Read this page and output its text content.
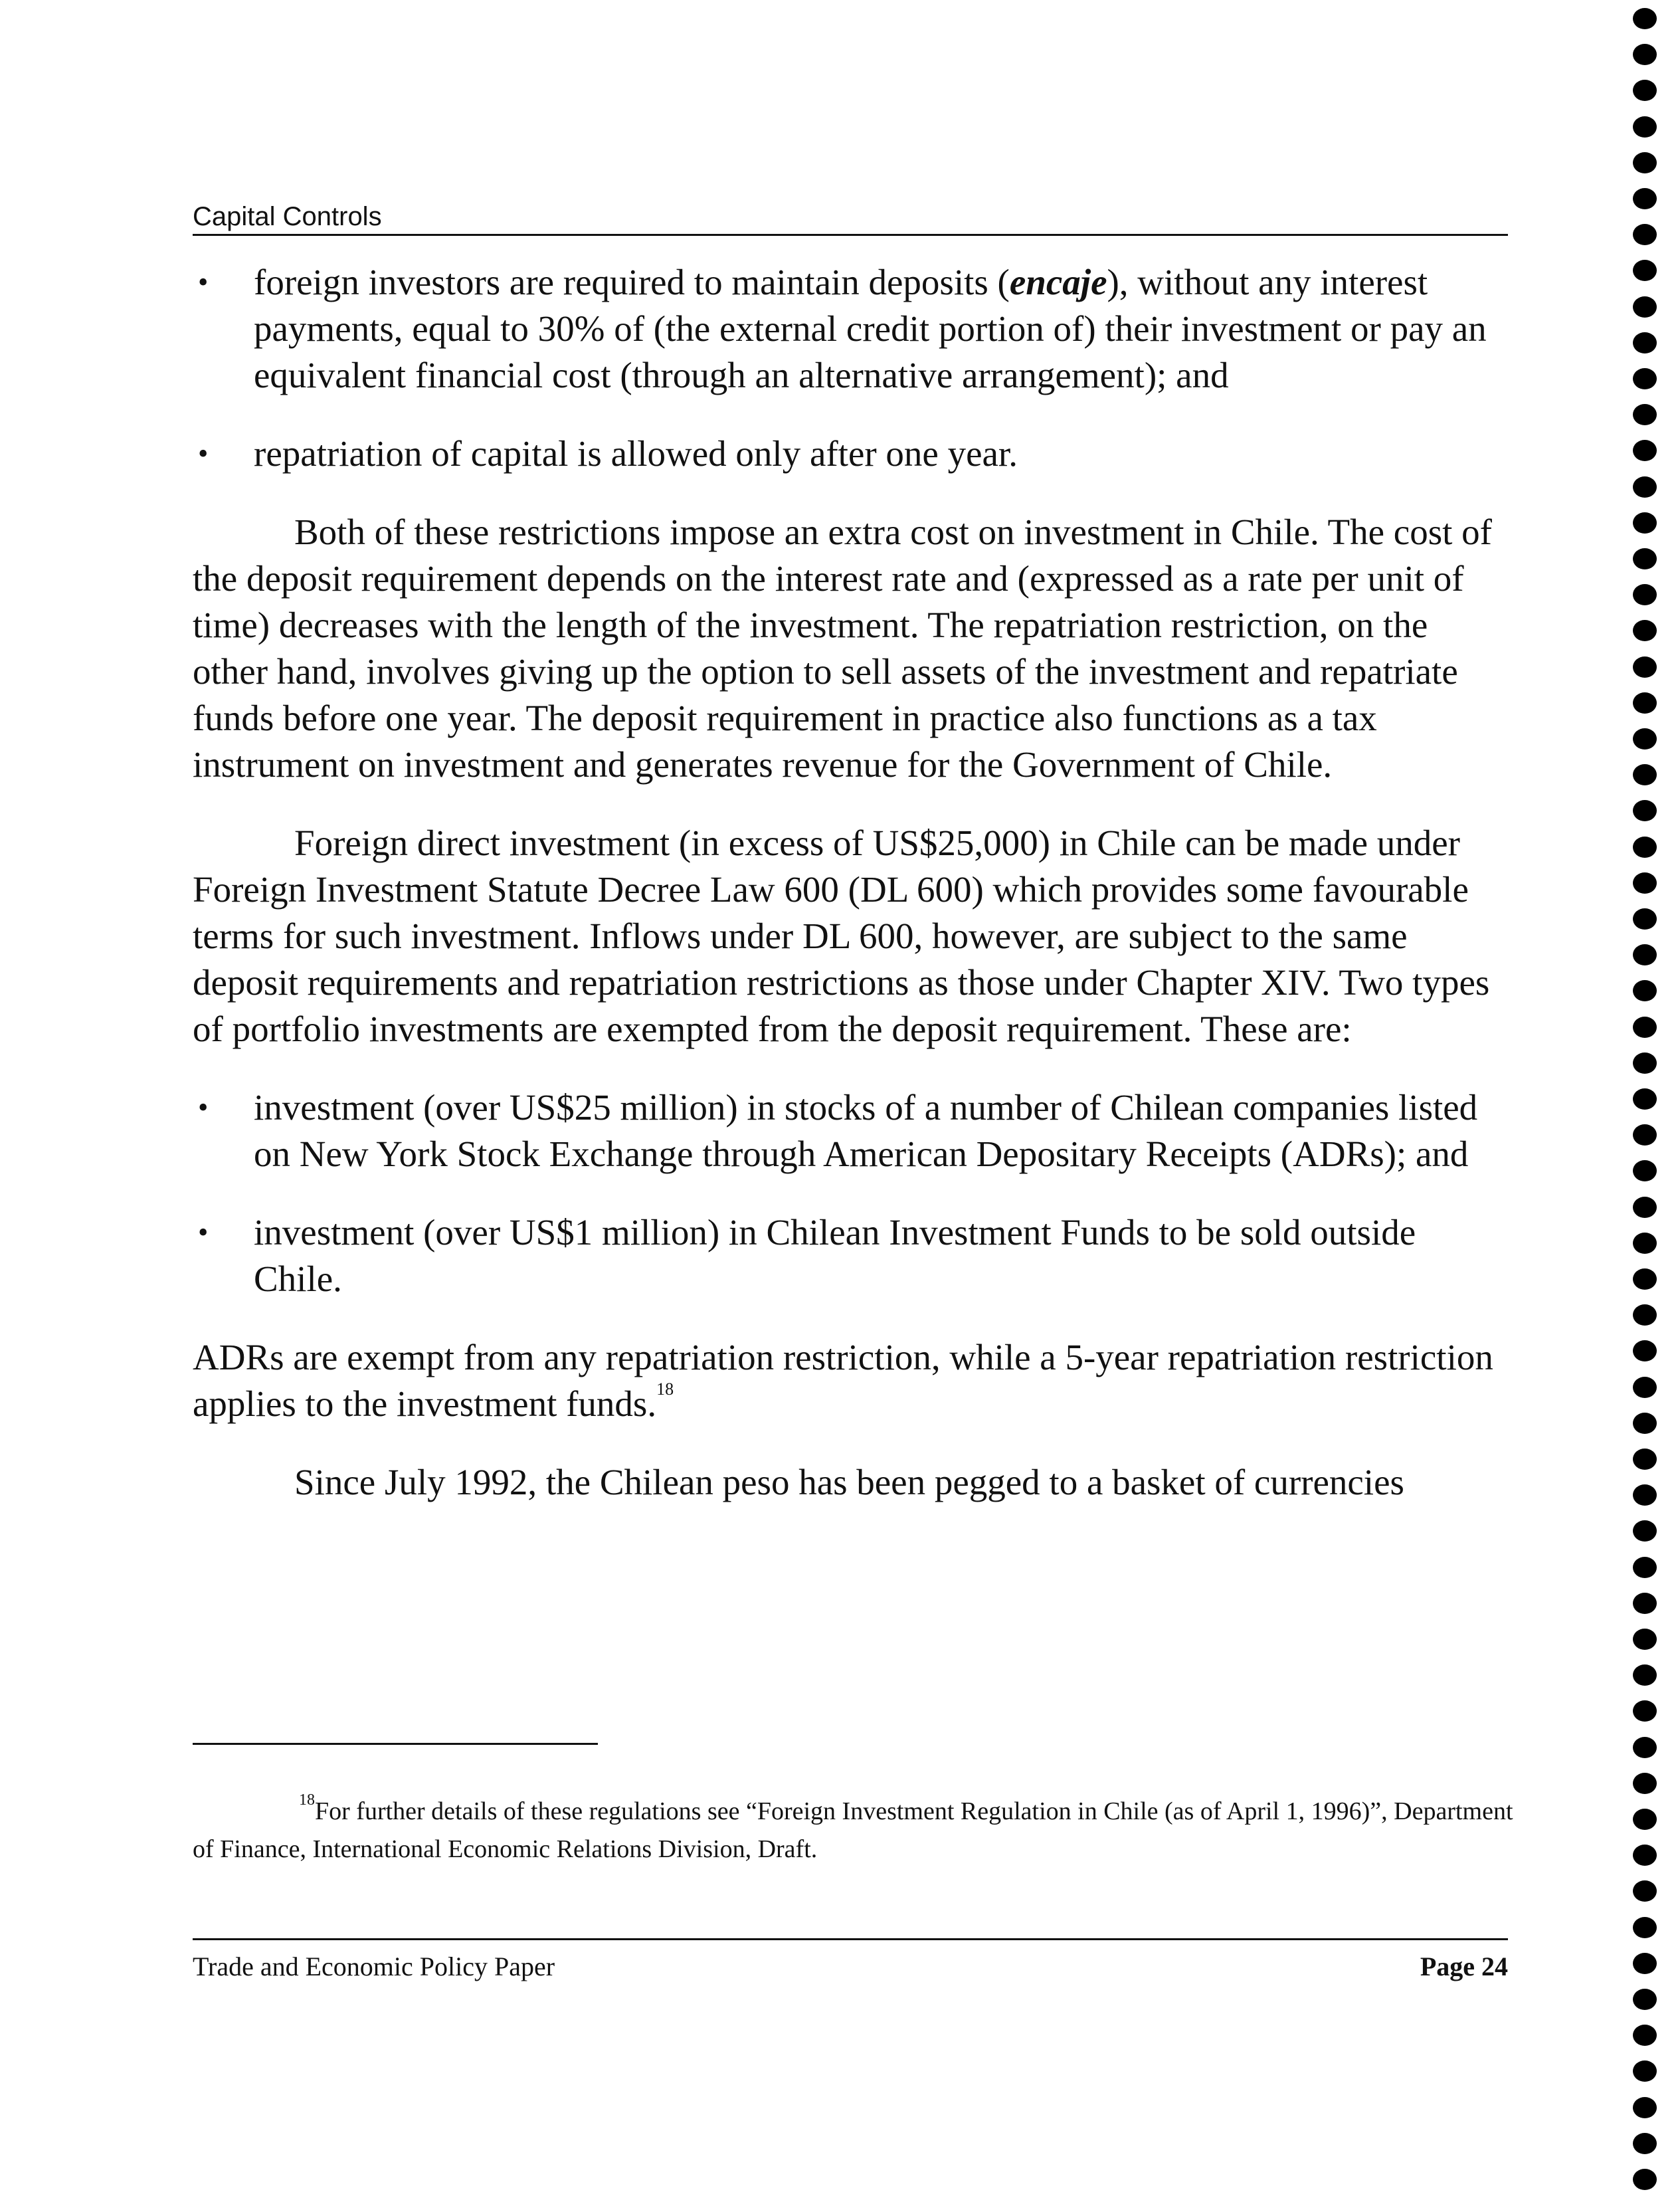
Capital Controls
• foreign investors are required to maintain deposits (encaje), without any interest payments, equal to 30% of (the external credit portion of) their investment or pay an equivalent financial cost (through an alternative arrangement); and
• repatriation of capital is allowed only after one year.

Both of these restrictions impose an extra cost on investment in Chile. The cost of the deposit requirement depends on the interest rate and (expressed as a rate per unit of time) decreases with the length of the investment. The repatriation restriction, on the other hand, involves giving up the option to sell assets of the investment and repatriate funds before one year. The deposit requirement in practice also functions as a tax instrument on investment and generates revenue for the Government of Chile.

Foreign direct investment (in excess of US$25,000) in Chile can be made under Foreign Investment Statute Decree Law 600 (DL 600) which provides some favourable terms for such investment. Inflows under DL 600, however, are subject to the same deposit requirements and repatriation restrictions as those under Chapter XIV. Two types of portfolio investments are exempted from the deposit requirement. These are:

• investment (over US$25 million) in stocks of a number of Chilean companies listed on New York Stock Exchange through American Depositary Receipts (ADRs); and
• investment (over US$1 million) in Chilean Investment Funds to be sold outside Chile.

ADRs are exempt from any repatriation restriction, while a 5-year repatriation restriction applies to the investment funds.$^{18}$

Since July 1992, the Chilean peso has been pegged to a basket of currencies

$^{18}$For further details of these regulations see “Foreign Investment Regulation in Chile (as of April 1, 1996)”, Department of Finance, International Economic Relations Division, Draft.
Trade and Economic Policy Paper	Page 24
